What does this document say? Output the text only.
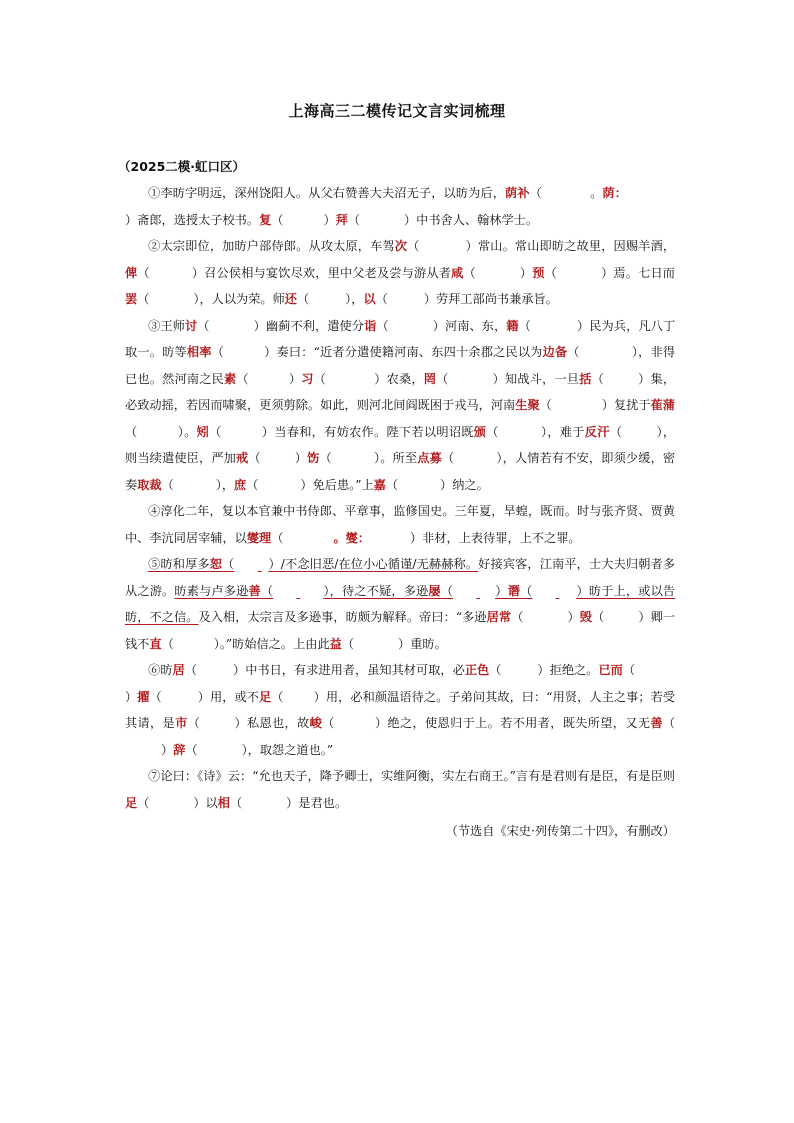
上海高三二模传记文言实词梳理
（2025二模·虹口区）

①李昉字明远，深州饶阳人。从父右赞善大夫沼无子，以昉为后，荫补（	。荫： ）斋郎，选授太子校书。复（	）拜（	）中书舍人、翰林学士。

②太宗即位，加昉户部侍郎。从攻太原，车驾次（	）常山。常山即昉之故里，因赐羊酒，俾（	）召公侯相与宴饮尽欢，里中父老及尝与游从者咸（	）预（	）焉。七日而罢（	），人以为荣。师还（	），以（	）劳拜工部尚书兼承旨。

③王师讨（	）幽蓟不利，遣使分诣（	）河南、东，籍（	）民为兵，凡八丁取一。昉等相率（	）奏曰：“近者分遣使籍河南、东四十余郡之民以为边备（	），非得已也。然河南之民素（	）习（	）农桑，罔（	）知战斗，一旦括（	）集，必致动摇，若因而啸聚，更须剪除。如此，则河北间阎既困于戎马，河南生聚（	）复扰于萑蒲（	）。矧（	）当春和，有妨农作。陛下若以明诏既颁（	），难于反汗（	），则当续遣使臣，严加戒（	）饬（	）。所至点募（	），人情若有不安，即须少缓，密奏取裁（	），庶（	）免后患。”上嘉（	）纳之。

④淳化二年，复以本官兼中书侍郎、平章事，监修国史。三年夏，旱蝗，既而。时与张齐贤、贾黄中、李沆同居宰辅，以燮理（	。燮：	）非材，上表待罪，上不之罪。

⑤昉和厚多恕（	）/不念旧恶/在位小心循谨/无赫赫称。好接宾客，江南平，士大夫归朝者多从之游。昉素与卢多逊善（	），待之不疑，多逊屡（	）谮（	）昉于上，或以告昉，不之信。及入相，太宗言及多逊事，昉颇为解释。帝曰：“多逊居常（	）毁（	）卿一钱不直（	）。”昉始信之。上由此益（	）重昉。

⑥昉居（	）中书日，有求进用者，虽知其材可取，必正色（	）拒绝之。已而（ ）擢（	）用，或不足（ ）用，必和颜温语待之。子弟问其故，曰：“用贤，人主之事；若受其请，是市（	）私恩也，故峻（	）绝之，使恩归于上。若不用者，既失所望，又无善（ ）辞（	），取怨之道也。”

⑦论曰：《诗》云：“允也天子，降予卿士，实维阿衡，实左右商王。”言有是君则有是臣，有是臣则足（	）以相（	）是君也。

（节选自《宋史·列传第二十四》，有删改）
